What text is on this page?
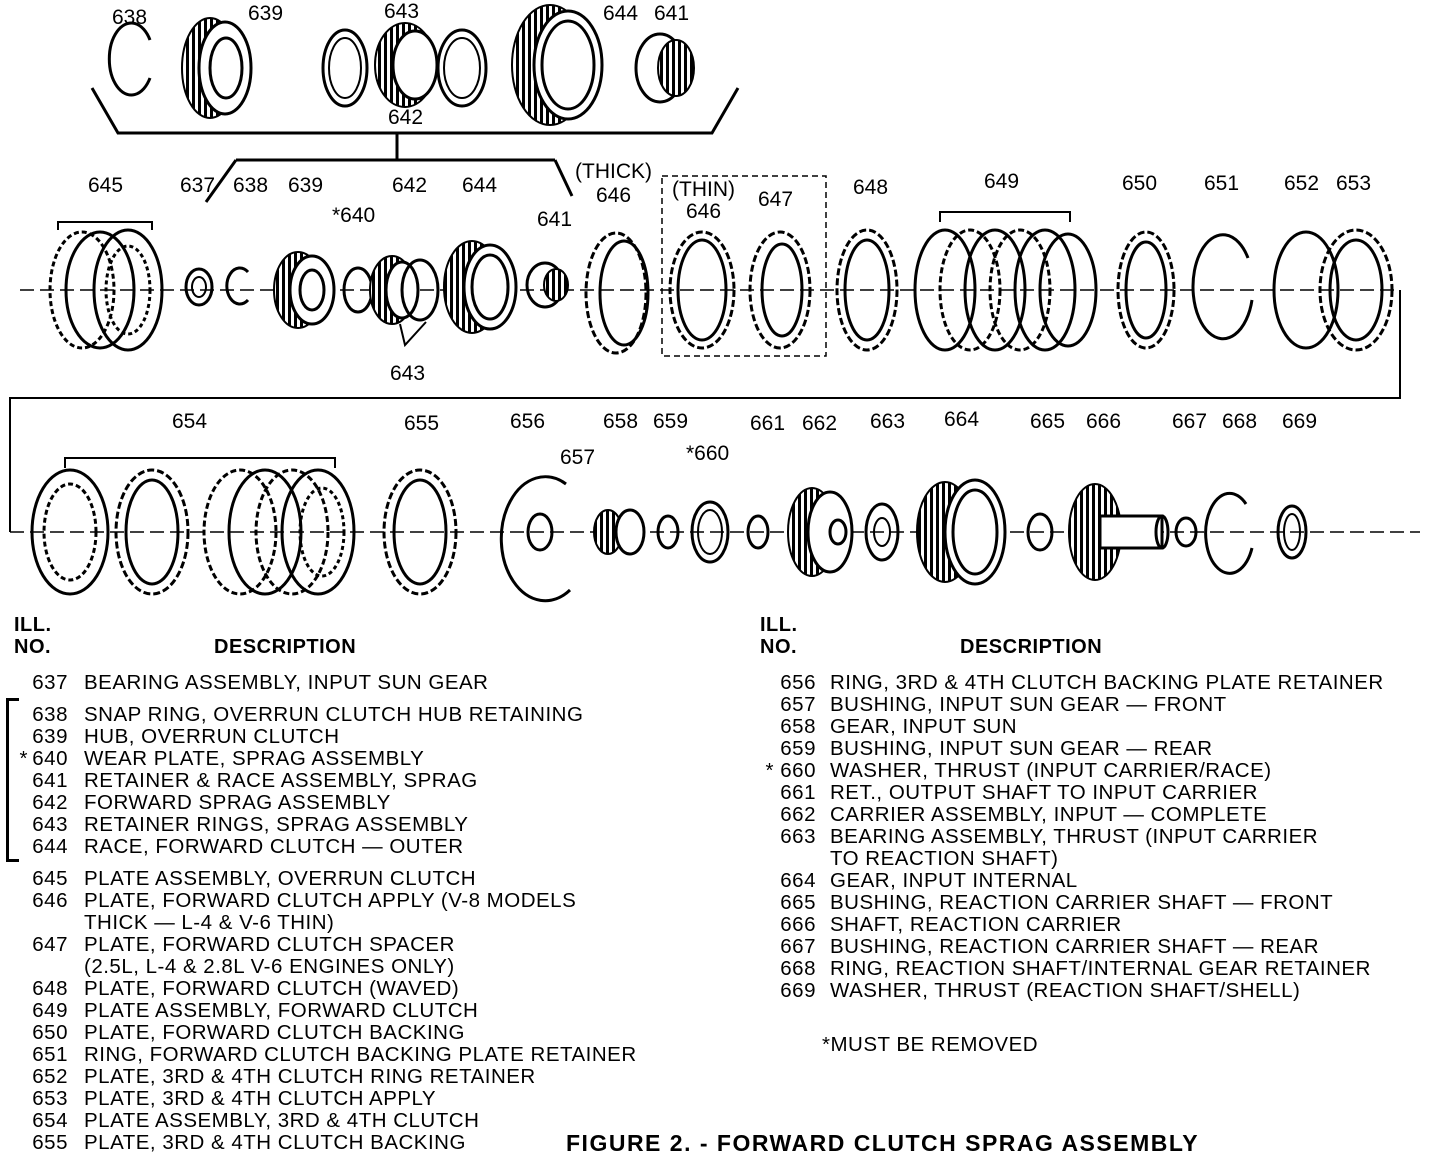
638	639	643	644 641
642
645	637 638 639	642 644
*640	641
(THICK)
646 (THIN)
646
647
648	649	650 651 652 653
643
654	655	656
657
658 659
*660
661 662 663 664 665 666 667 668 669
ILL.
NO.	DESCRIPTION
637 BEARING ASSEMBLY, INPUT SUN GEAR
638 SNAP RING, OVERRUN CLUTCH HUB RETAINING
639 HUB, OVERRUN CLUTCH
* 640 WEAR PLATE, SPRAG ASSEMBLY
641 RETAINER & RACE ASSEMBLY, SPRAG
642 FORWARD SPRAG ASSEMBLY
643 RETAINER RINGS, SPRAG ASSEMBLY
644 RACE, FORWARD CLUTCH — OUTER
645 PLATE ASSEMBLY, OVERRUN CLUTCH
646 PLATE, FORWARD CLUTCH APPLY (V-8 MODELS
THICK — L-4 & V-6 THIN)
647 PLATE, FORWARD CLUTCH SPACER
(2.5L, L-4 & 2.8L V-6 ENGINES ONLY)
648 PLATE, FORWARD CLUTCH (WAVED)
649 PLATE ASSEMBLY, FORWARD CLUTCH
650 PLATE, FORWARD CLUTCH BACKING
651 RING, FORWARD CLUTCH BACKING PLATE RETAINER
652 PLATE, 3RD & 4TH CLUTCH RING RETAINER
653 PLATE, 3RD & 4TH CLUTCH APPLY
654 PLATE ASSEMBLY, 3RD & 4TH CLUTCH
655 PLATE, 3RD & 4TH CLUTCH BACKING
ILL.
NO.	DESCRIPTION
656 RING, 3RD & 4TH CLUTCH BACKING PLATE RETAINER
657 BUSHING, INPUT SUN GEAR — FRONT
658 GEAR, INPUT SUN
659 BUSHING, INPUT SUN GEAR — REAR
* 660 WASHER, THRUST (INPUT CARRIER/RACE)
661 RET., OUTPUT SHAFT TO INPUT CARRIER
662 CARRIER ASSEMBLY, INPUT — COMPLETE
663 BEARING ASSEMBLY, THRUST (INPUT CARRIER
TO REACTION SHAFT)
664 GEAR, INPUT INTERNAL
665 BUSHING, REACTION CARRIER SHAFT — FRONT
666 SHAFT, REACTION CARRIER
667 BUSHING, REACTION CARRIER SHAFT — REAR
668 RING, REACTION SHAFT/INTERNAL GEAR RETAINER
669 WASHER, THRUST (REACTION SHAFT/SHELL)
*MUST BE REMOVED
FIGURE 2. - FORWARD CLUTCH SPRAG ASSEMBLY
